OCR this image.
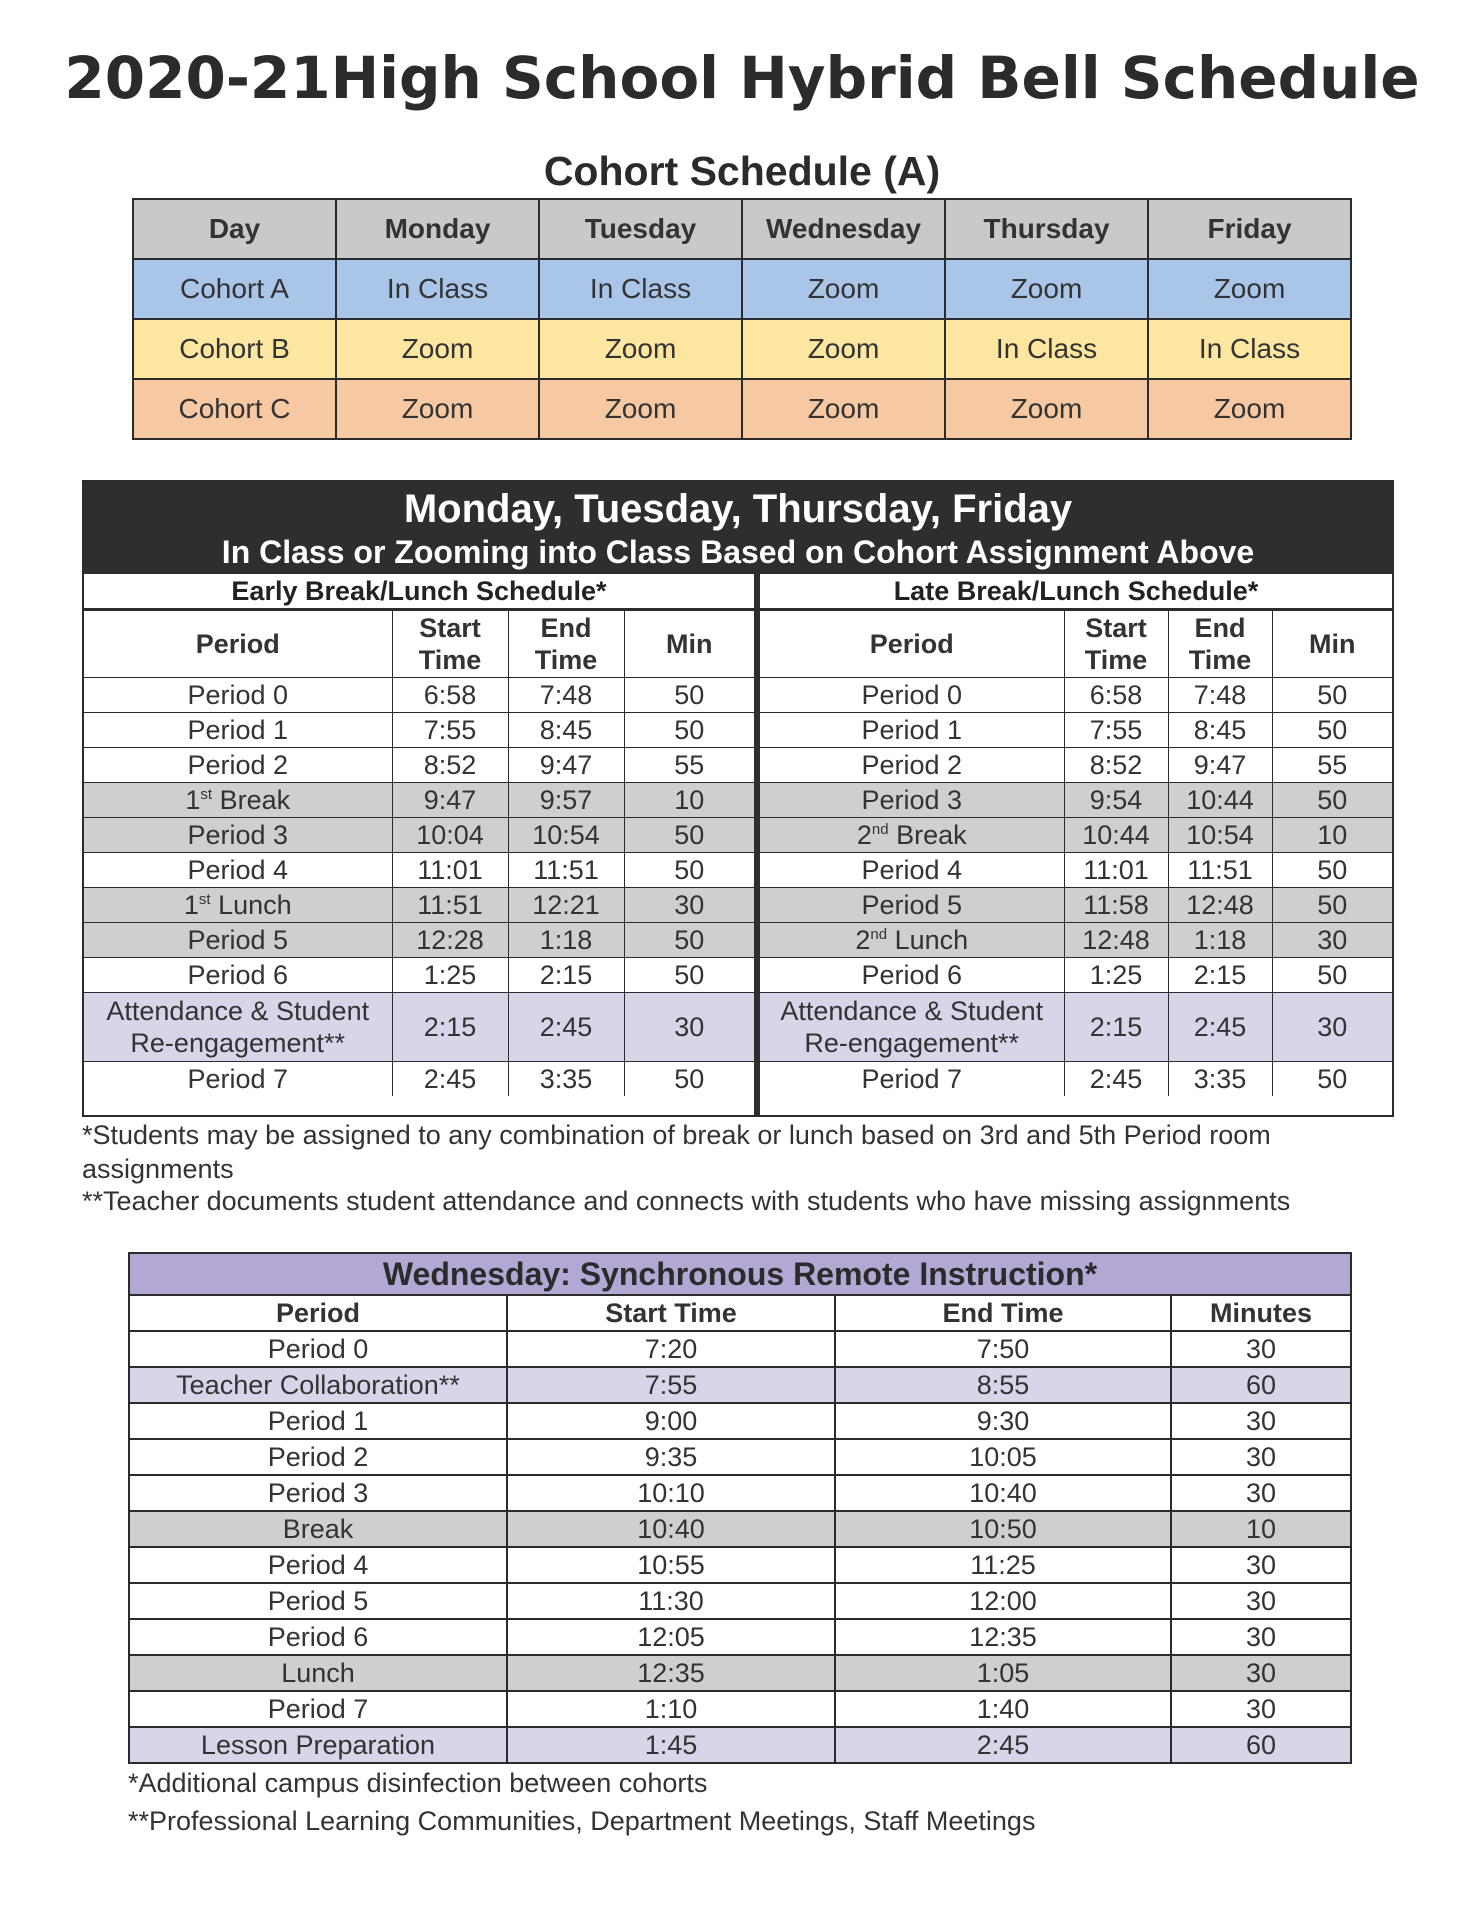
2020-21High School Hybrid Bell Schedule
Cohort Schedule (A)
Day	Monday	Tuesday	Wednesday	Thursday	Friday
Cohort A	In Class	In Class	Zoom	Zoom	Zoom
Cohort B	Zoom	Zoom	Zoom	In Class	In Class
Cohort C	Zoom	Zoom	Zoom	Zoom	Zoom
Monday, Tuesday, Thursday, Friday
In Class or Zooming into Class Based on Cohort Assignment Above
Early Break/Lunch Schedule*
Period	Start Time	End Time	Min
Period 0	6:58	7:48	50
Period 1	7:55	8:45	50
Period 2	8:52	9:47	55
1st Break	9:47	9:57	10
Period 3	10:04	10:54	50
Period 4	11:01	11:51	50
1st Lunch	11:51	12:21	30
Period 5	12:28	1:18	50
Period 6	1:25	2:15	50
Attendance & Student Re-engagement**	2:15	2:45	30
Period 7	2:45	3:35	50
Late Break/Lunch Schedule*
Period	Start Time	End Time	Min
Period 0	6:58	7:48	50
Period 1	7:55	8:45	50
Period 2	8:52	9:47	55
Period 3	9:54	10:44	50
2nd Break	10:44	10:54	10
Period 4	11:01	11:51	50
Period 5	11:58	12:48	50
2nd Lunch	12:48	1:18	30
Period 6	1:25	2:15	50
Attendance & Student Re-engagement**	2:15	2:45	30
Period 7	2:45	3:35	50
*Students may be assigned to any combination of break or lunch based on 3rd and 5th Period room assignments
**Teacher documents student attendance and connects with students who have missing assignments
Wednesday: Synchronous Remote Instruction*			
Period	Start Time	End Time	Minutes
Period 0	7:20	7:50	30
Teacher Collaboration**	7:55	8:55	60
Period 1	9:00	9:30	30
Period 2	9:35	10:05	30
Period 3	10:10	10:40	30
Break	10:40	10:50	10
Period 4	10:55	11:25	30
Period 5	11:30	12:00	30
Period 6	12:05	12:35	30
Lunch	12:35	1:05	30
Period 7	1:10	1:40	30
Lesson Preparation	1:45	2:45	60
*Additional campus disinfection between cohorts
**Professional Learning Communities, Department Meetings, Staff Meetings
